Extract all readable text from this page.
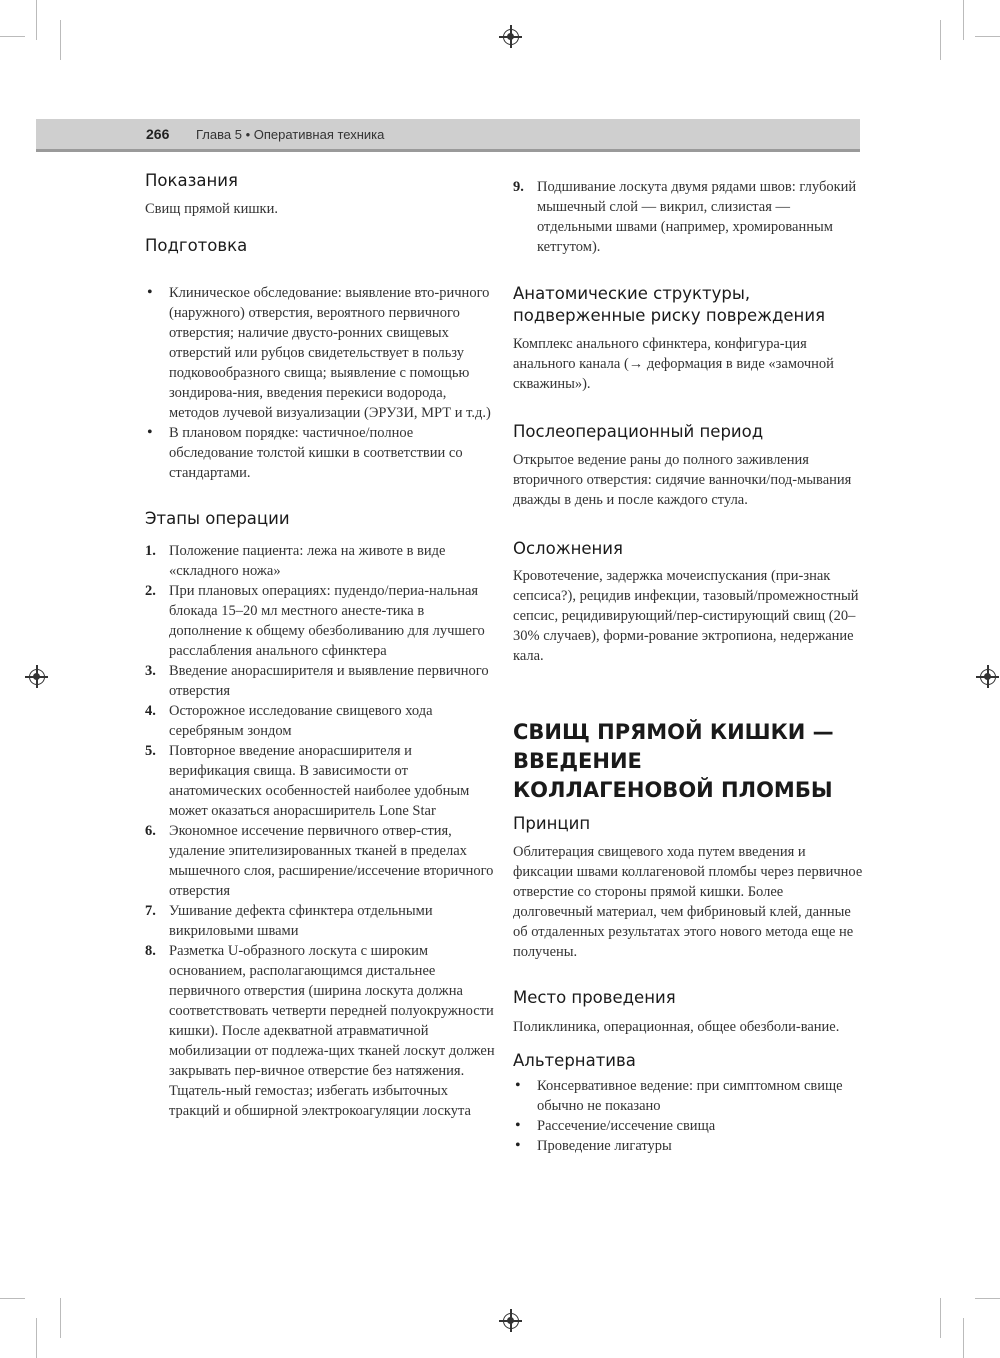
266 Глава 5 • Оперативная техника
Показания

Свищ прямой кишки.

Подготовка
• Клиническое обследование: выявление вто-ричного (наружного) отверстия, вероятного первичного отверстия; наличие двусто-ронних свищевых отверстий или рубцов свидетельствует в пользу подковообразного свища; выявление с помощью зондирова-ния, введения перекиси водорода, методов лучевой визуализации (ЭРУЗИ, МРТ и т.д.)
• В плановом порядке: частичное/полное обследование толстой кишки в соответствии со стандартами.
Этапы операции
1. Положение пациента: лежа на животе в виде «складного ножа»
2. При плановых операциях: пудендо/периа-нальная блокада 15–20 мл местного анесте-тика в дополнение к общему обезболиванию для лучшего расслабления анального сфинктера
3. Введение аноpасширителя и выявление первичного отверстия
4. Осторожное исследование свищевого хода серебряным зондом
5. Повторное введение аноpасширителя и верификация свища. В зависимости от анатомических особенностей наиболее удобным может оказаться аноpасширитель Lone Star
6. Экономное иссечение первичного отвер-стия, удаление эпителизированных тканей в пределах мышечного слоя, расширение/иссечение вторичного отверстия
7. Ушивание дефекта сфинктера отдельными викриловыми швами
8. Разметка U-образного лоскута с широким основанием, располагающимся дистальнее первичного отверстия (ширина лоскута должна соответствовать четверти передней полуокружности кишки). После адекватной атравматичной мобилизации от подлежа-щих тканей лоскут должен закрывать пер-вичное отверстие без натяжения. Тщатель-ный гемостаз; избегать избыточных тракций и обширной электрокоагуляции лоскута
9. Подшивание лоскута двумя рядами швов: глубокий мышечный слой — викрил, слизистая — отдельными швами (например, хромированным кетгутом).
Анатомические структуры, подверженные риску повреждения

Комплекс анального сфинктера, конфигура-ция анального канала (→ деформация в виде «замочной скважины»).

Послеоперационный период

Открытое ведение раны до полного заживления вторичного отверстия: сидячие ванночки/под-мывания дважды в день и после каждого стула.

Осложнения

Кровотечение, задержка мочеиспускания (при-знак сепсиса?), рецидив инфекции, тазовый/промежностный сепсис, рецидивирующий/пер-систирующий свищ (20–30% случаев), форми-рование эктропиона, недержание кала.

СВИЩ ПРЯМОЙ КИШКИ — ВВЕДЕНИЕ КОЛЛАГЕНОВОЙ ПЛОМБЫ
Принцип

Облитерация свищевого хода путем введения и фиксации швами коллагеновой пломбы через первичное отверстие со стороны прямой кишки. Более долговечный материал, чем фибриновый клей, данные об отдаленных результатах этого нового метода еще не получены.

Место проведения

Поликлиника, операционная, общее обезболи-вание.

Альтернатива
• Консервативное ведение: при симптомном свище обычно не показано
• Рассечение/иссечение свища
• Проведение лигатуры
